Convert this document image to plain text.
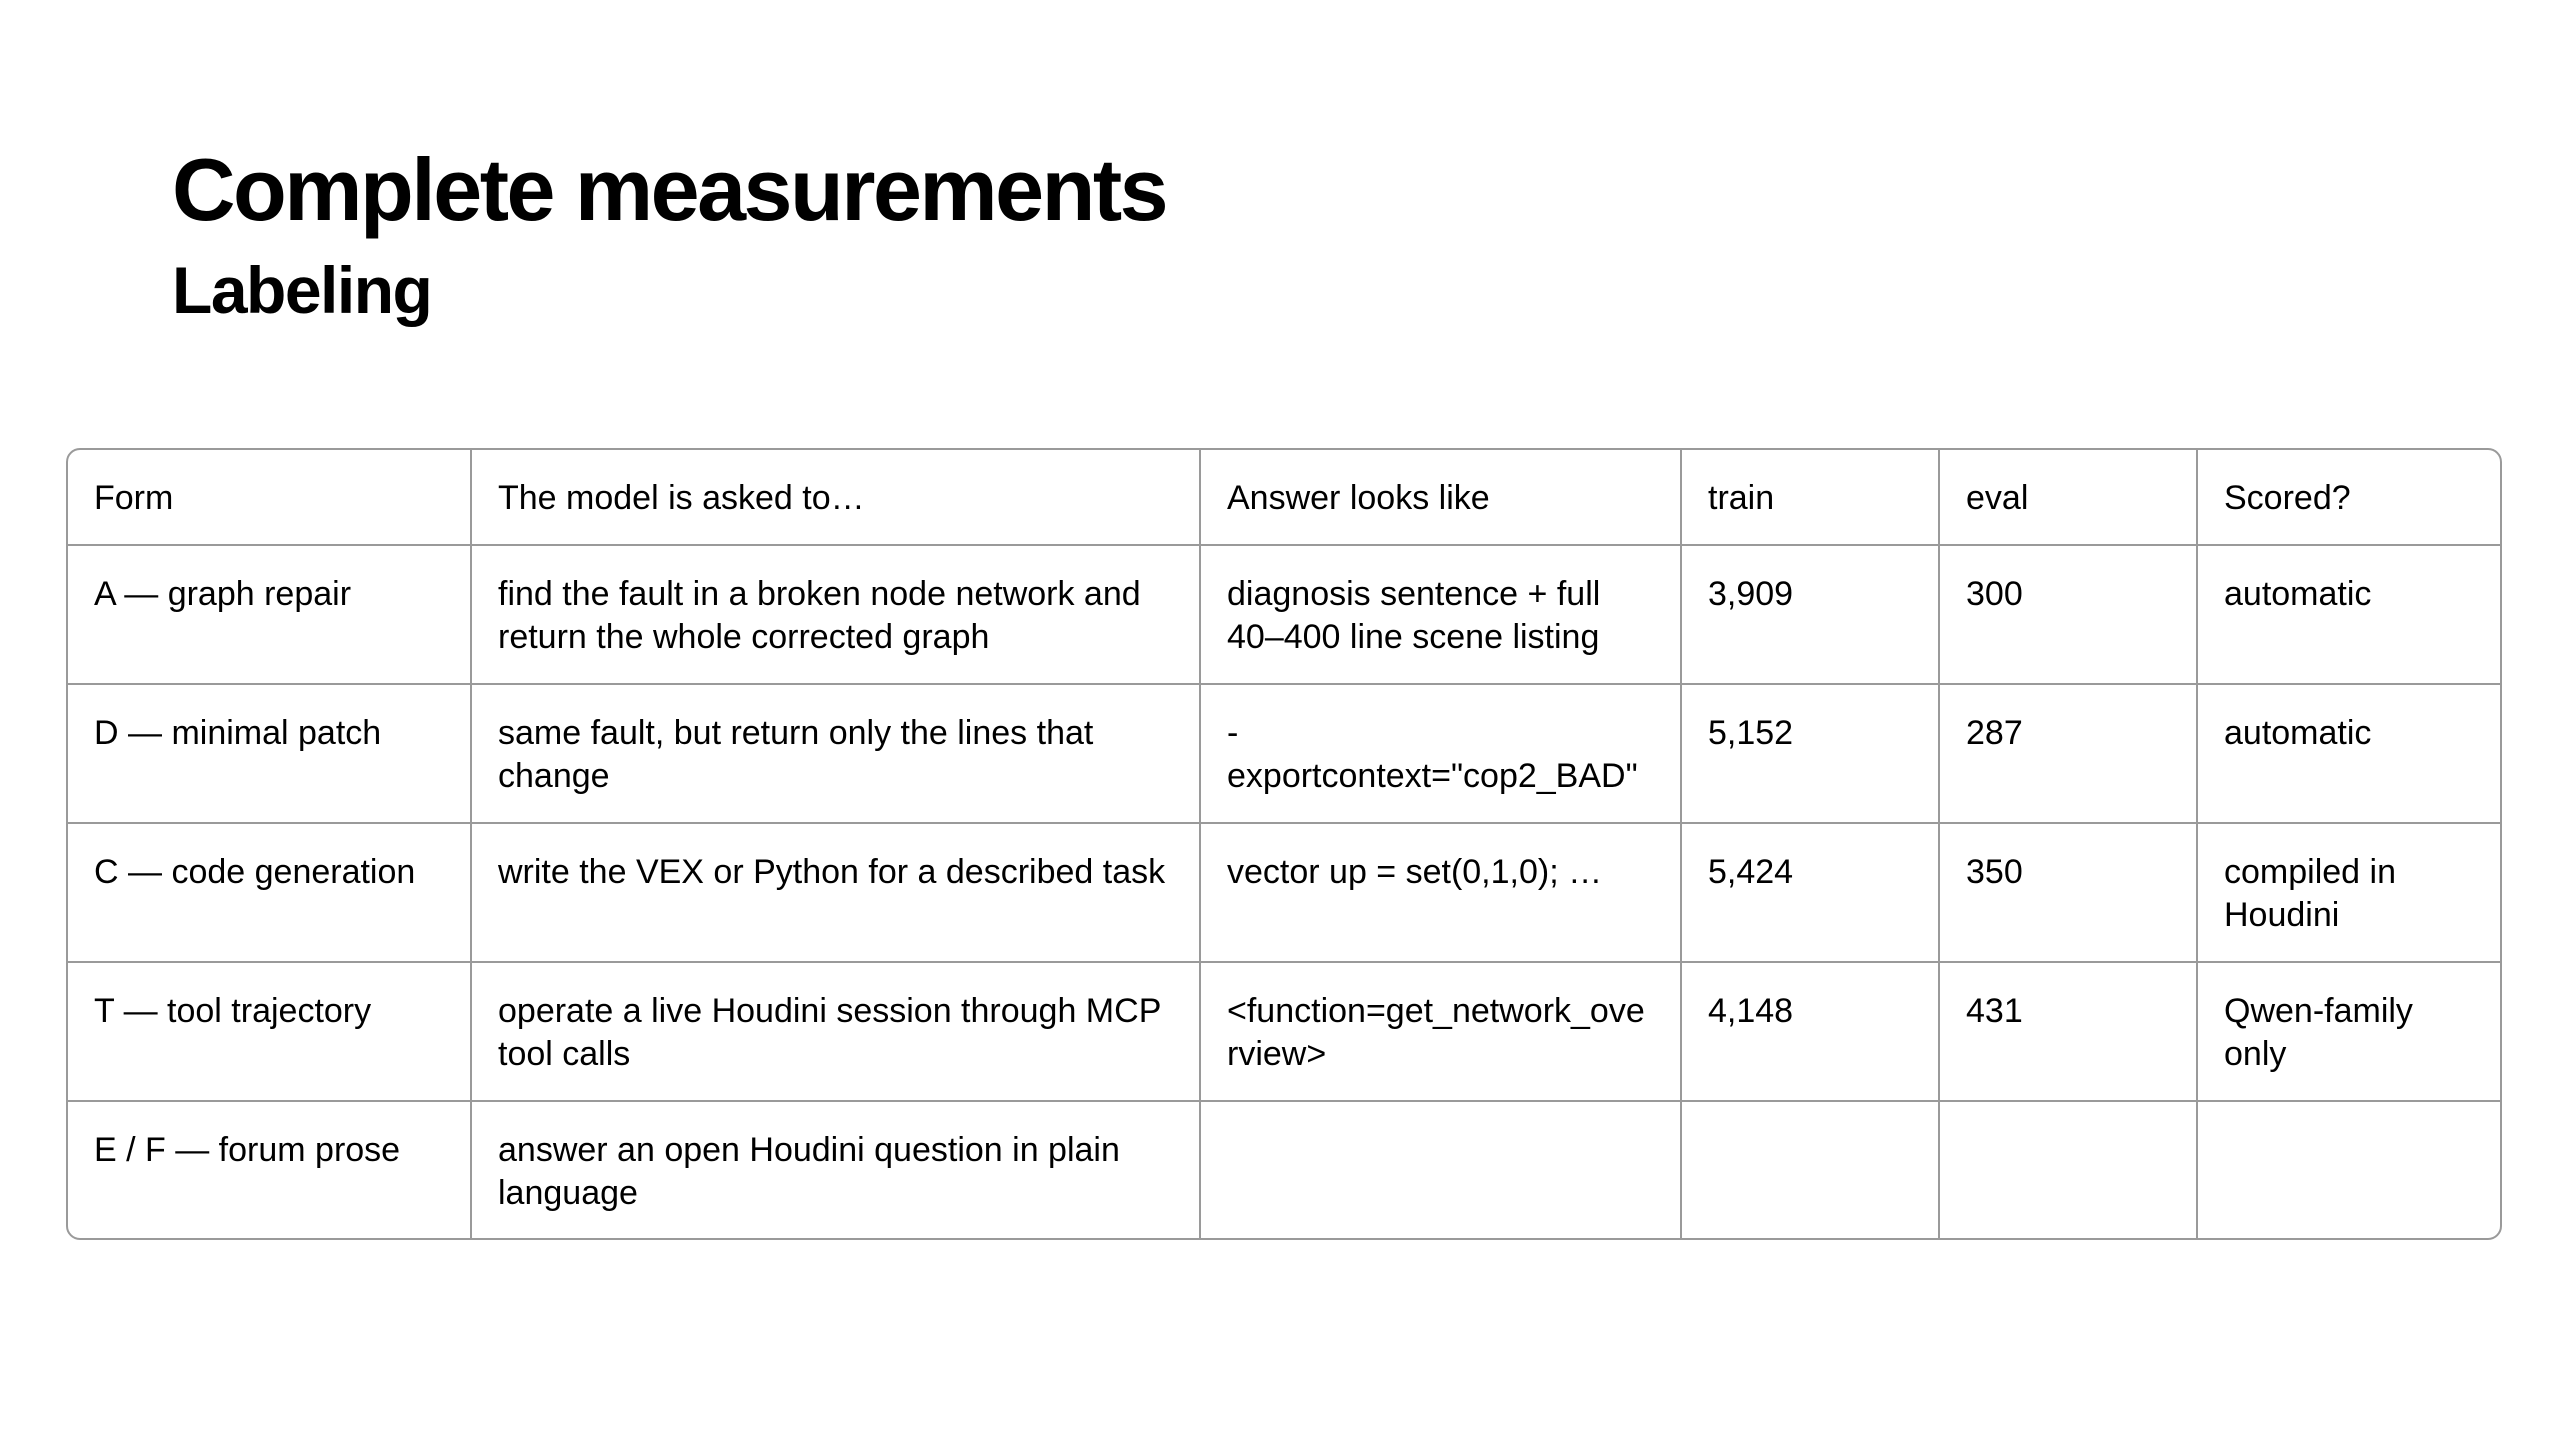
Complete measurements
Labeling
Form	The model is asked to…	Answer looks like	train	eval	Scored?
A — graph repair	find the fault in a broken node network and return the whole corrected graph	diagnosis sentence + full 40–400 line scene listing	3,909	300	automatic
D — minimal patch	same fault, but return only the lines that change	- exportcontext="cop2_BAD"	5,152	287	automatic
C — code generation	write the VEX or Python for a described task	vector up = set(0,1,0); …	5,424	350	compiled in Houdini
T — tool trajectory	operate a live Houdini session through MCP tool calls	<function=get_network_overview>	4,148	431	Qwen-family only
E / F — forum prose	answer an open Houdini question in plain language				
